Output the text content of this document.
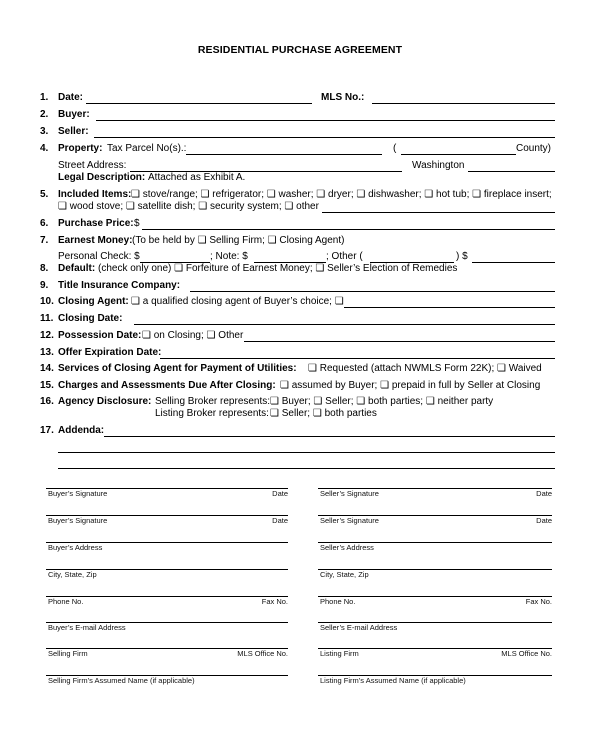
RESIDENTIAL PURCHASE AGREEMENT
1. Date:	MLS No.:
2. Buyer:
3. Seller:
4. Property: Tax Parcel No(s).:	(	County)
Street Address:	Washington
Legal Description: Attached as Exhibit A.
5. Included Items: ❏ stove/range; ❏ refrigerator; ❏ washer; ❏ dryer; ❏ dishwasher; ❏ hot tub; ❏ fireplace insert;
❏ wood stove; ❏ satellite dish; ❏ security system; ❏ other
6. Purchase Price: $
7. Earnest Money: (To be held by ❏ Selling Firm; ❏ Closing Agent)
Personal Check: $	; Note: $	; Other (	) $
8. Default: (check only one) ❏ Forfeiture of Earnest Money; ❏ Seller’s Election of Remedies
9. Title Insurance Company:
10. Closing Agent: ❏ a qualified closing agent of Buyer’s choice; ❏
11. Closing Date:
12. Possession Date: ❏ on Closing; ❏ Other
13. Offer Expiration Date:
14. Services of Closing Agent for Payment of Utilities: ❏ Requested (attach NWMLS Form 22K); ❏ Waived
15. Charges and Assessments Due After Closing: ❏ assumed by Buyer; ❏ prepaid in full by Seller at Closing
16. Agency Disclosure: Selling Broker represents: ❏ Buyer; ❏ Seller; ❏ both parties; ❏ neither party
Listing Broker represents: ❏ Seller; ❏ both parties
17. Addenda:
Buyer’s Signature	Date
Buyer’s Signature	Date
Buyer’s Address
City, State, Zip
Phone No.	Fax No.
Buyer’s E-mail Address
Selling Firm	MLS Office No.
Selling Firm’s Assumed Name (if applicable)
Seller’s Signature	Date
Seller’s Signature	Date
Seller’s Address
City, State, Zip
Phone No.	Fax No.
Seller’s E-mail Address
Listing Firm	MLS Office No.
Listing Firm’s Assumed Name (if applicable)
